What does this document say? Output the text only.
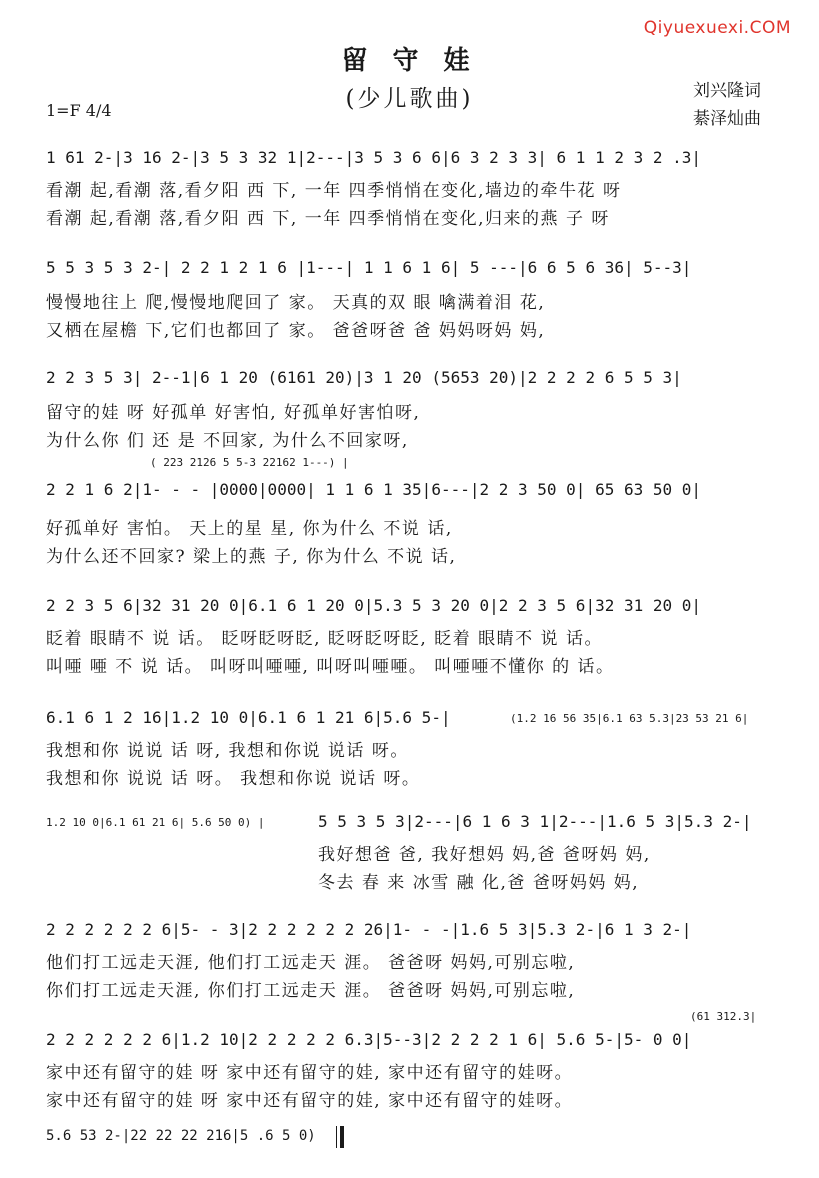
Qiyuexuexi.COM
留 守 娃
(少儿歌曲)	刘兴隆词
綦泽灿曲
1=F 4/4
1 61 2-|3 16 2-|3 5 3 32 1|2---|3 5 3 6 6|6 3 2 3 3| 6 1 1 2 3 2 .3|
看潮 起,看潮 落,看夕阳 西 下, 一年 四季悄悄在变化,墙边的牵牛花 呀
看潮 起,看潮 落,看夕阳 西 下, 一年 四季悄悄在变化,归来的燕 子 呀
5 5 3 5 3 2-| 2 2 1 2 1 6 |1---| 1 1 6 1 6| 5 ---|6 6 5 6 36| 5--3|
慢慢地往上 爬,慢慢地爬回了 家。 天真的双 眼 噙满着泪 花,
又栖在屋檐 下,它们也都回了 家。 爸爸呀爸 爸 妈妈呀妈 妈,
2 2 3 5 3| 2--1|6 1 20 (6161 20)|3 1 20 (5653 20)|2 2 2 2 6 5 5 3|
留守的娃 呀 好孤单 好害怕, 好孤单好害怕呀,
为什么你 们 还 是 不回家, 为什么不回家呀,
( 223 2126 5 5-3 22162 1---) |
2 2 1 6 2|1- - - |0000|0000| 1 1 6 1 35|6---|2 2 3 50 0| 65 63 50 0|
好孤单好 害怕。 天上的星 星, 你为什么 不说 话,
为什么还不回家? 梁上的燕 子, 你为什么 不说 话,
2 2 3 5 6|32 31 20 0|6.1 6 1 20 0|5.3 5 3 20 0|2 2 3 5 6|32 31 20 0|
眨着 眼睛不 说 话。 眨呀眨呀眨, 眨呀眨呀眨, 眨着 眼睛不 说 话。
叫唖 唖 不 说 话。 叫呀叫唖唖, 叫呀叫唖唖。 叫唖唖不懂你 的 话。
6.1 6 1 2 16|1.2 10 0|6.1 6 1 21 6|5.6 5-|	(1.2 16 56 35|6.1 63 5.3|23 53 21 6|
我想和你 说说 话 呀, 我想和你说 说话 呀。
我想和你 说说 话 呀。 我想和你说 说话 呀。
1.2 10 0|6.1 61 21 6| 5.6 50 0) |	5 5 3 5 3|2---|6 1 6 3 1|2---|1.6 5 3|5.3 2-|
我好想爸 爸, 我好想妈 妈,爸 爸呀妈 妈,
冬去 春 来 冰雪 融 化,爸 爸呀妈妈 妈,
2 2 2 2 2 2 6|5- - 3|2 2 2 2 2 2 26|1- - -|1.6 5 3|5.3 2-|6 1 3 2-|
他们打工远走天涯, 他们打工远走天 涯。 爸爸呀 妈妈,可别忘啦,
你们打工远走天涯, 你们打工远走天 涯。 爸爸呀 妈妈,可别忘啦,
(61 312.3|
2 2 2 2 2 2 6|1.2 10|2 2 2 2 2 6.3|5--3|2 2 2 2 1 6| 5.6 5-|5- 0 0|
家中还有留守的娃 呀 家中还有留守的娃, 家中还有留守的娃呀。
家中还有留守的娃 呀 家中还有留守的娃, 家中还有留守的娃呀。
5.6 53 2-|22 22 22 216|5 .6 5 0)
